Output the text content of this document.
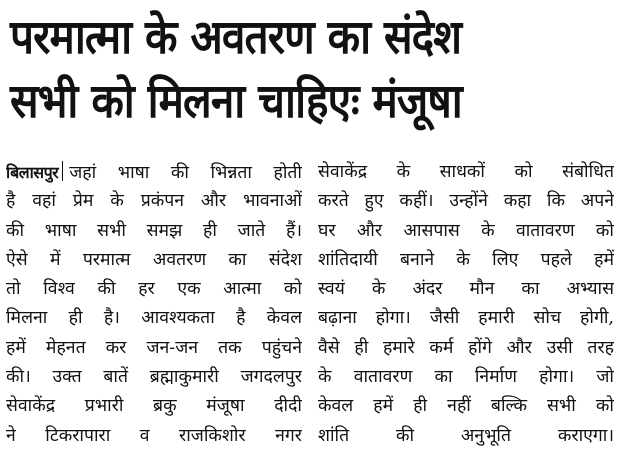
परमात्मा के अवतरण का संदेश
सभी को मिलना चाहिएः मंजूषा
बिलासपुर जहां भाषा की भिन्नता होती
है वहां प्रेम के प्रकंपन और भावनाओं
की भाषा सभी समझ ही जाते हैं।
ऐसे में परमात्म अवतरण का संदेश
तो विश्व की हर एक आत्मा को
मिलना ही है। आवश्यकता है केवल
हमें मेहनत कर जन-जन तक पहुंचने
की। उक्त बातें ब्रह्माकुमारी जगदलपुर
सेवाकेंद्र प्रभारी ब्रकु मंजूषा दीदी
ने टिकरापारा व राजकिशोर नगर
सेवाकेंद्र के साधकों को संबोधित
करते हुए कहीं। उन्होंने कहा कि अपने
घर और आसपास के वातावरण को
शांतिदायी बनाने के लिए पहले हमें
स्वयं के अंदर मौन का अभ्यास
बढ़ाना होगा। जैसी हमारी सोच होगी,
वैसे ही हमारे कर्म होंगे और उसी तरह
के वातावरण का निर्माण होगा। जो
केवल हमें ही नहीं बल्कि सभी को
शांति की अनुभूति कराएगा।
